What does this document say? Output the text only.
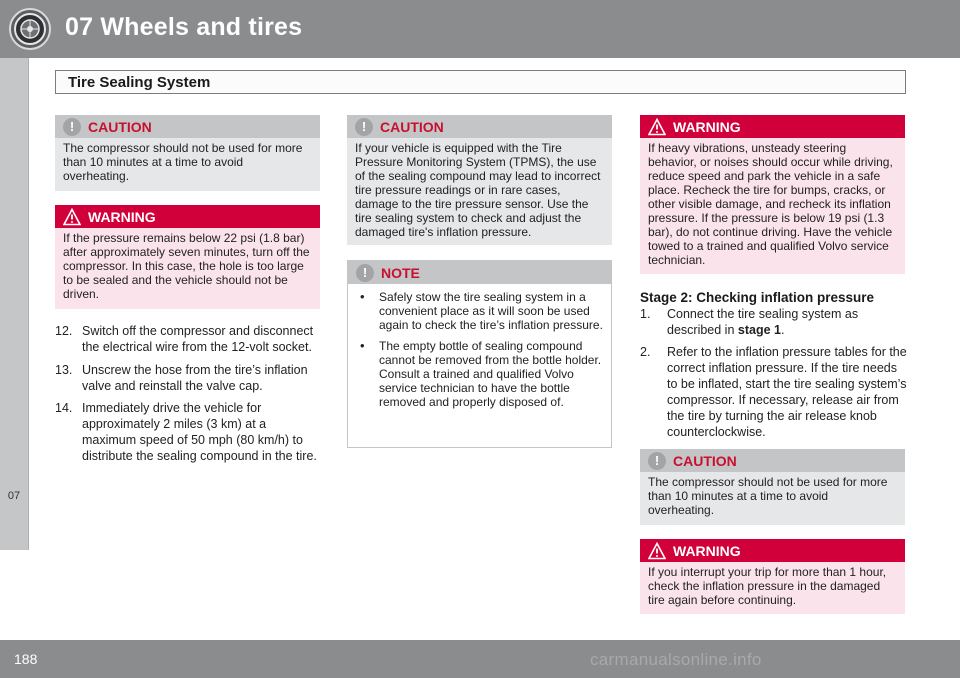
07 Wheels and tires
Tire Sealing System
07
! CAUTION
The compressor should not be used for more than 10 minutes at a time to avoid overheating.
WARNING
If the pressure remains below 22 psi (1.8 bar) after approximately seven minutes, turn off the compressor. In this case, the hole is too large to be sealed and the vehicle should not be driven.
12. Switch off the compressor and disconnect the electrical wire from the 12-volt socket.
13. Unscrew the hose from the tire’s inflation valve and reinstall the valve cap.
14. Immediately drive the vehicle for approximately 2 miles (3 km) at a maximum speed of 50 mph (80 km/h) to distribute the sealing compound in the tire.
! CAUTION
If your vehicle is equipped with the Tire Pressure Monitoring System (TPMS), the use of the sealing compound may lead to incorrect tire pressure readings or in rare cases, damage to the tire pressure sensor. Use the tire sealing system to check and adjust the damaged tire's inflation pressure.
! NOTE
• Safely stow the tire sealing system in a convenient place as it will soon be used again to check the tire’s inflation pressure.
• The empty bottle of sealing compound cannot be removed from the bottle holder. Consult a trained and qualified Volvo service technician to have the bottle removed and properly disposed of.
WARNING
If heavy vibrations, unsteady steering behavior, or noises should occur while driving, reduce speed and park the vehicle in a safe place. Recheck the tire for bumps, cracks, or other visible damage, and recheck its inflation pressure. If the pressure is below 19 psi (1.3 bar), do not continue driving. Have the vehicle towed to a trained and qualified Volvo service technician.
Stage 2: Checking inflation pressure
1.	Connect the tire sealing system as described in stage 1.
2.	Refer to the inflation pressure tables for the correct inflation pressure. If the tire needs to be inflated, start the tire sealing system’s compressor. If necessary, release air from the tire by turning the air release knob counterclockwise.
! CAUTION
The compressor should not be used for more than 10 minutes at a time to avoid overheating.
WARNING
If you interrupt your trip for more than 1 hour, check the inflation pressure in the damaged tire again before continuing.
188	carmanualsonline.info
